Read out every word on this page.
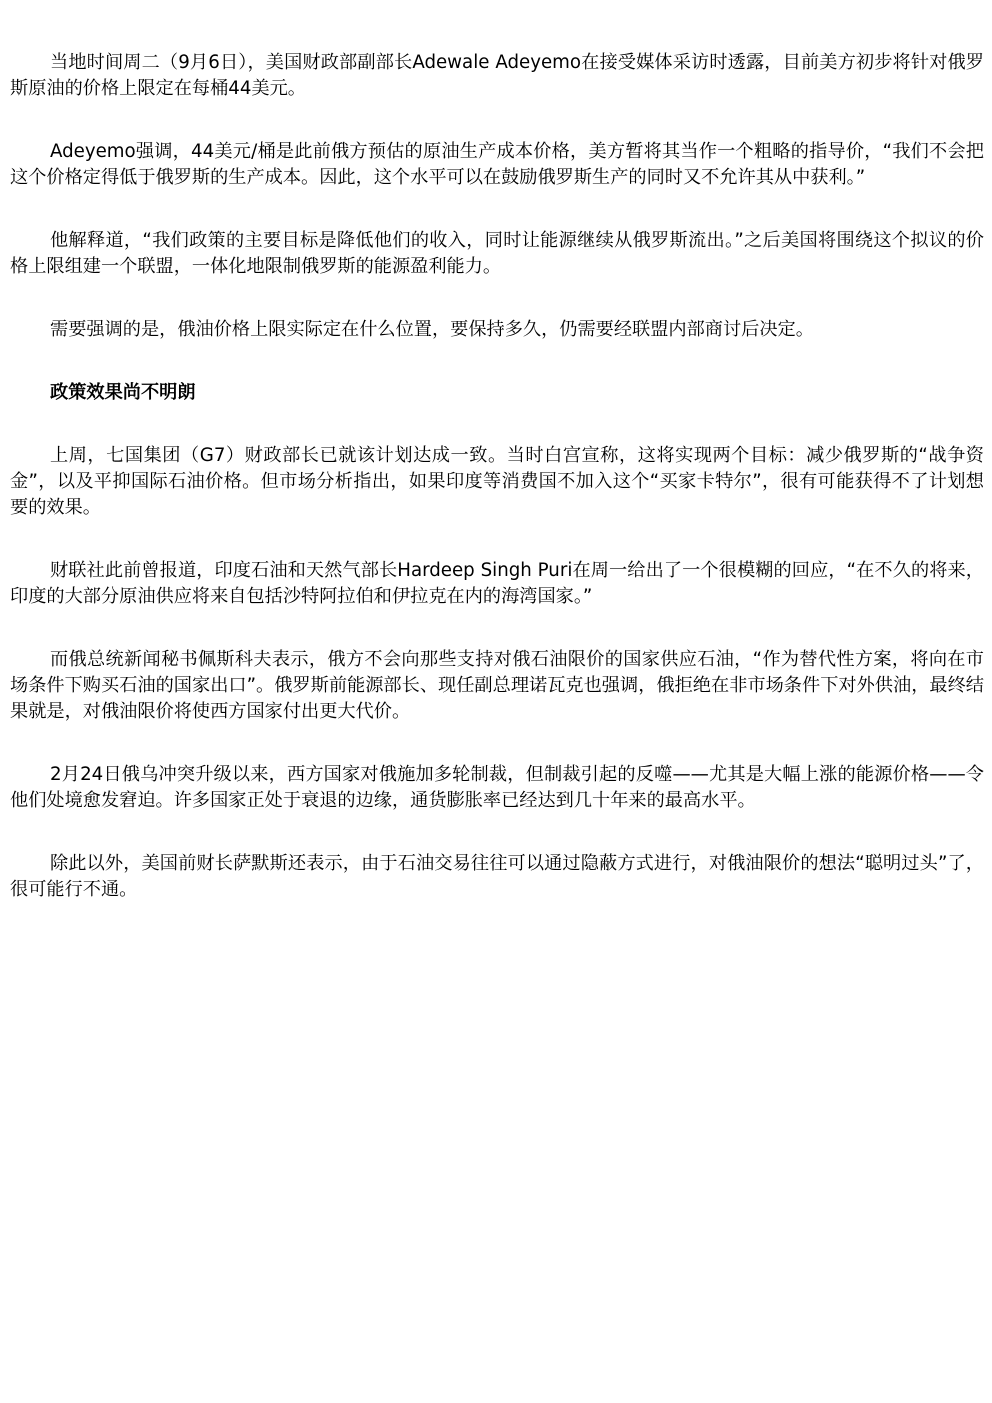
当地时间周二（9月6日），美国财政部副部长Adewale Adeyemo在接受媒体采访时透露，目前美方初步将针对俄罗斯原油的价格上限定在每桶44美元。

Adeyemo强调，44美元/桶是此前俄方预估的原油生产成本价格，美方暂将其当作一个粗略的指导价，“我们不会把这个价格定得低于俄罗斯的生产成本。因此，这个水平可以在鼓励俄罗斯生产的同时又不允许其从中获利。”

他解释道，“我们政策的主要目标是降低他们的收入，同时让能源继续从俄罗斯流出。”之后美国将围绕这个拟议的价格上限组建一个联盟，一体化地限制俄罗斯的能源盈利能力。

需要强调的是，俄油价格上限实际定在什么位置，要保持多久，仍需要经联盟内部商讨后决定。

政策效果尚不明朗

上周，七国集团（G7）财政部长已就该计划达成一致。当时白宫宣称，这将实现两个目标：减少俄罗斯的“战争资金”，以及平抑国际石油价格。但市场分析指出，如果印度等消费国不加入这个“买家卡特尔”，很有可能获得不了计划想要的效果。

财联社此前曾报道，印度石油和天然气部长Hardeep Singh Puri在周一给出了一个很模糊的回应，“在不久的将来，印度的大部分原油供应将来自包括沙特阿拉伯和伊拉克在内的海湾国家。”

而俄总统新闻秘书佩斯科夫表示，俄方不会向那些支持对俄石油限价的国家供应石油，“作为替代性方案，将向在市场条件下购买石油的国家出口”。俄罗斯前能源部长、现任副总理诺瓦克也强调，俄拒绝在非市场条件下对外供油，最终结果就是，对俄油限价将使西方国家付出更大代价。

2月24日俄乌冲突升级以来，西方国家对俄施加多轮制裁，但制裁引起的反噬——尤其是大幅上涨的能源价格——令他们处境愈发窘迫。许多国家正处于衰退的边缘，通货膨胀率已经达到几十年来的最高水平。

除此以外，美国前财长萨默斯还表示，由于石油交易往往可以通过隐蔽方式进行，对俄油限价的想法“聪明过头”了，很可能行不通。
